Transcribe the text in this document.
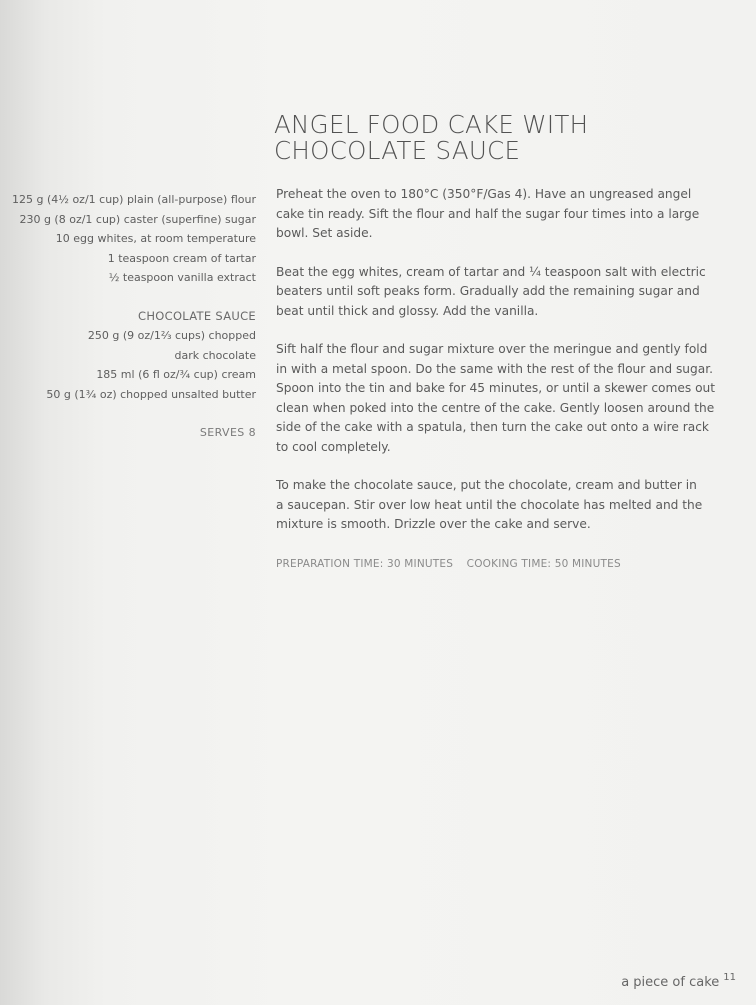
ANGEL FOOD CAKE WITH
CHOCOLATE SAUCE
125 g (4½ oz/1 cup) plain (all-purpose) flour
230 g (8 oz/1 cup) caster (superfine) sugar
10 egg whites, at room temperature
1 teaspoon cream of tartar
½ teaspoon vanilla extract
CHOCOLATE SAUCE
250 g (9 oz/1⅔ cups) chopped
dark chocolate
185 ml (6 fl oz/¾ cup) cream
50 g (1¾ oz) chopped unsalted butter
SERVES 8

Preheat the oven to 180°C (350°F/Gas 4). Have an ungreased angel
cake tin ready. Sift the flour and half the sugar four times into a large
bowl. Set aside.

Beat the egg whites, cream of tartar and ¼ teaspoon salt with electric
beaters until soft peaks form. Gradually add the remaining sugar and
beat until thick and glossy. Add the vanilla.

Sift half the flour and sugar mixture over the meringue and gently fold
in with a metal spoon. Do the same with the rest of the flour and sugar.
Spoon into the tin and bake for 45 minutes, or until a skewer comes out
clean when poked into the centre of the cake. Gently loosen around the
side of the cake with a spatula, then turn the cake out onto a wire rack
to cool completely.

To make the chocolate sauce, put the chocolate, cream and butter in
a saucepan. Stir over low heat until the chocolate has melted and the
mixture is smooth. Drizzle over the cake and serve.

PREPARATION TIME: 30 MINUTES COOKING TIME: 50 MINUTES
a piece of cake $^{11}$
